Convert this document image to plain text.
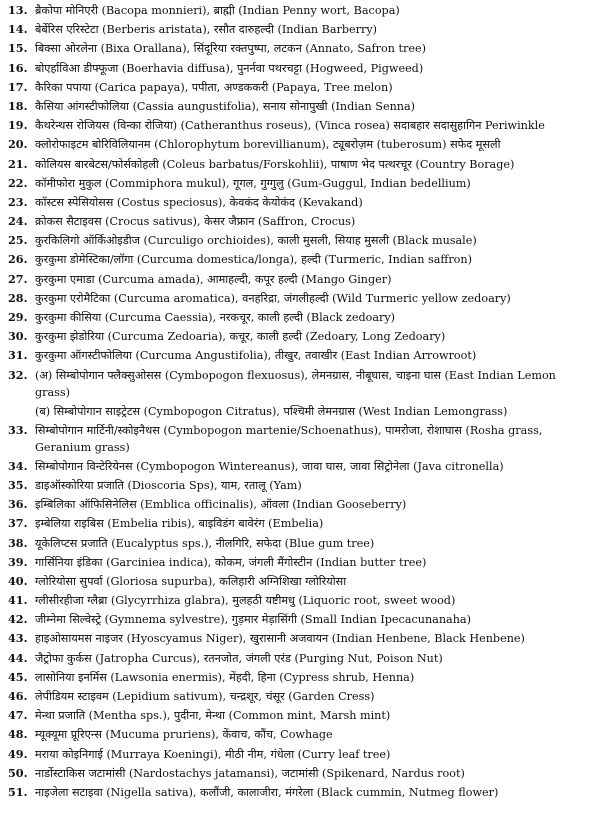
13. ब्रैकोपा मोनिएरी (Bacopa monnieri), ब्राह्मी (Indian Penny wort, Bacopa)
14. बेर्बेरिस एरिस्टेटा (Berberis aristata), रसौत दारुहल्दी (Indian Barberry)
15. बिक्सा ओरलेना (Bixa Orallana), सिंदूरिया रक्तपुष्पा, लटकन (Annato, Safron tree)
16. बोएर्हाविआ डीफ्फूजा (Boerhavia diffusa), पुनर्नवा पथरचट्टा (Hogweed, Pigweed)
17. कैरिका पपाया (Carica papaya), पपीता, अण्डककरी (Papaya, Tree melon)
18. कैसिया आंगस्टीफोलिया (Cassia aungustifolia), सनाय सोनापुखी (Indian Senna)
19. कैथरेन्थस रोजियस (विन्का रोजिया) (Catheranthus roseus), (Vinca rosea) सदाबहार सदासुहागिन Periwinkle
20. क्लोरोफाइटम बोरिविलियानम (Chlorophytum borevillianum), ट्यूबरोज़म (tuberosum) सफेद मूसली
21. कोलियस बारबेटस/फोर्सकोहली (Coleus barbatus/Forskohlii), पाषाण भेद पत्थरचूर (Country Borage)
22. कॉमीफोरा मुकुल (Commiphora mukul), गूगल, गुग्गुलु (Gum-Guggul, Indian bedellium)
23. कॉस्टस स्पेसियोसस (Costus speciosus), केवकंद केयोकंद (Kevakand)
24. क्रोकस सैटाइवस (Crocus sativus), केसर जैफ्रान (Saffron, Crocus)
25. कुरकिलिगो ऑर्किओइडीज (Curculigo orchioides), काली मुसली, सियाह मुसली (Black musale)
26. कुरकुमा डोमेस्टिका/लॉगा (Curcuma domestica/longa), हल्दी (Turmeric, Indian saffron)
27. कुरकुमा एमाडा (Curcuma amada), आमाहल्दी, कपूर हल्दी (Mango Ginger)
28. कुरकुमा एरोमैटिका (Curcuma aromatica), वनहरिद्रा, जंगलीहल्दी (Wild Turmeric yellow zedoary)
29. कुरकुमा कीसिया (Curcuma Caessia), नरकचूर, काली हल्दी (Black zedoary)
30. कुरकुमा झेडोरिया (Curcuma Zedoaria), कचूर, काली हल्दी (Zedoary, Long Zedoary)
31. कुरकुमा ऑगस्टीफोलिया (Curcuma Angustifolia), तीखुर, तवाखीर (East Indian Arrowroot)
32. (अ) सिम्बोपोगान फ्लैक्सुओसस (Cymbopogon flexuosus), लेमनग्रास, नीबूघास, चाइना घास (East Indian Lemon grass)
(ब) सिम्बोपोगान साइट्रेटस (Cymbopogon Citratus), पश्चिमी लेमनग्रास (West Indian Lemongrass)
33. सिम्बोपोगान मार्टिनी/स्कोइनैथस (Cymbopogon martenie/Schoenathus), पामरोजा, रोशाघास (Rosha grass, Geranium grass)
34. सिम्बोपोगान विन्टेरियेनस (Cymbopogon Wintereanus), जावा घास, जावा सिट्रोनेला (Java citronella)
35. डाइऑस्कोरिया प्रजाति (Dioscoria Sps), याम, रतालू (Yam)
36. इम्बिलिका ऑफिसिनेलिस (Emblica officinalis), ऑवला (Indian Gooseberry)
37. इम्बेलिया राइबिस (Embelia ribis), बाइविडंग बावेरंग (Embelia)
38. यूकेलिप्टस प्रजाति (Eucalyptus sps.), नीलगिरि, सफेदा (Blue gum tree)
39. गार्सिनिया इंडिका (Garciniea indica), कोकम, जंगली मैंगोस्टीन (Indian butter tree)
40. ग्लोरियोसा सुपर्वा (Gloriosa supurba), कलिहारी अग्निशिखा ग्लोरियोसा
41. ग्लीसीरहीजा ग्लैब्रा (Glycyrrhiza glabra), मुलहठी यष्टीमधु (Liquoric root, sweet wood)
42. जीम्नेमा सिल्वेस्ट्रे (Gymnema sylvestre), गुड़मार मेड़ासिंगी (Small Indian Ipecacunanaha)
43. हाइओसायमस नाइजर (Hyoscyamus Niger), खुरासानी अजवायन (Indian Henbene, Black Henbene)
44. जैट्रोफा कुर्कस (Jatropha Curcus), रतनजोत, जंगली एरंड (Purging Nut, Poison Nut)
45. लासोनिया इनर्मिस (Lawsonia enermis), मेंहदी, हिना (Cypress shrub, Henna)
46. लेपीडियम स्टाइवम (Lepidium sativum), चन्द्रशूर, चंसूर (Garden Cress)
47. मेन्था प्रजाति (Mentha sps.), पुदीना, मेन्था (Common mint, Marsh mint)
48. म्यूक्यूमा प्रूरिएन्स (Mucuma pruriens), केंवाच, कौंच, Cowhage
49. मराया कोइनिगाई (Murraya Koeningi), मीठी नीम, गंधेला (Curry leaf tree)
50. नार्डोस्टाकिस जटामांसी (Nardostachys jatamansi), जटामांसी (Spikenard, Nardus root)
51. नाइजेला सटाइवा (Nigella sativa), कलौंजी, कालाजीरा, मंगरेला (Black cummin, Nutmeg flower)
